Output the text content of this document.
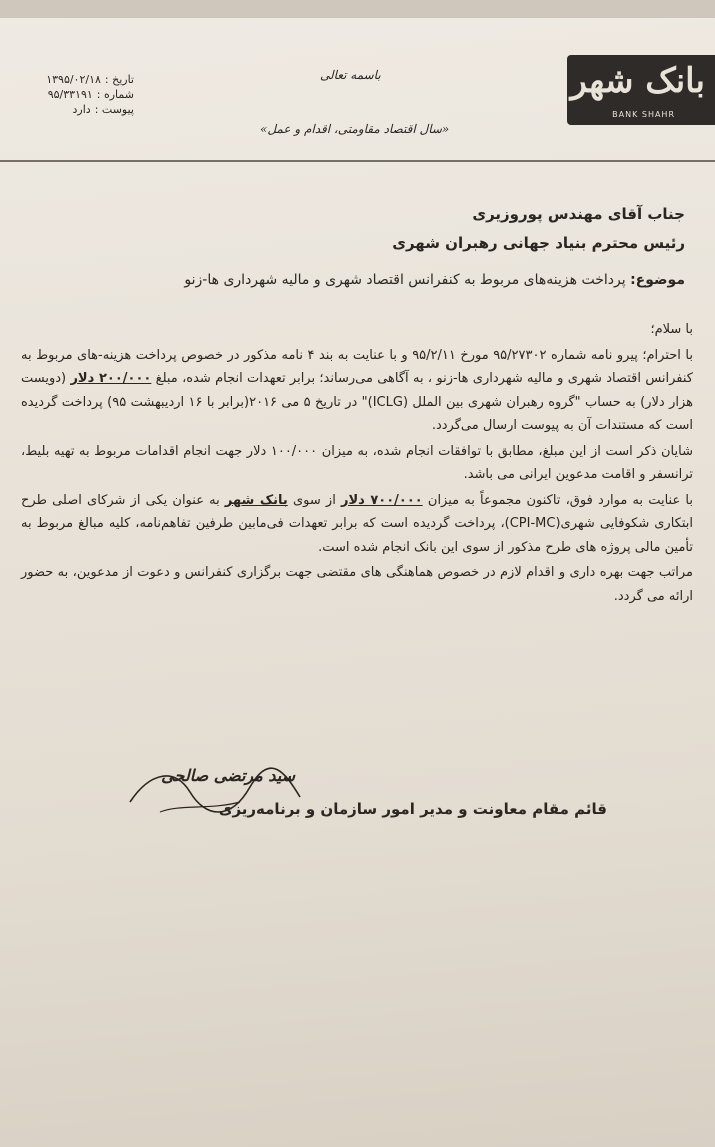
بانک شهر
BANK SHAHR
باسمه تعالی
«سال اقتصاد مقاومتی، اقدام و عمل»
تاریخ :
۱۳۹۵/۰۲/۱۸
شماره :
۹۵/۳۳۱۹۱
پیوست :
دارد
جناب آقای مهندس پوروزیری
رئیس محترم بنیاد جهانی رهبران شهری
موضوع: پرداخت هزینه‌های مربوط به کنفرانس اقتصاد شهری و مالیه شهرداری ها-زنو

با سلام؛

با احترام؛ پیرو نامه شماره ۹۵/۲۷۳۰۲ مورخ ۹۵/۲/۱۱ و با عنایت به بند ۴ نامه مذکور در خصوص پرداخت هزینه-های مربوط به کنفرانس اقتصاد شهری و مالیه شهرداری ها-زنو ، به آگاهی می‌رساند؛ برابر تعهدات انجام شده، مبلغ ۲۰۰/۰۰۰ دلار (دویست هزار دلار) به حساب "گروه رهبران شهری بین الملل (ICLG)" در تاریخ ۵ می ۲۰۱۶(برابر با ۱۶ اردیبهشت ۹۵) پرداخت گردیده است که مستندات آن به پیوست ارسال می‌گردد.

شایان ذکر است از این مبلغ، مطابق با توافقات انجام شده، به میزان ۱۰۰/۰۰۰ دلار جهت انجام اقدامات مربوط به تهیه بلیط، ترانسفر و اقامت مدعوین ایرانی می باشد.

با عنایت به موارد فوق، تاکنون مجموعاً به میزان ۷۰۰/۰۰۰ دلار از سوی بانک شهر به عنوان یکی از شرکای اصلی طرح ابتکاری شکوفایی شهری(CPI-MC)، پرداخت گردیده است که برابر تعهدات فی‌مابین طرفین تفاهم‌نامه، کلیه مبالغ مربوط به تأمین مالی پروژه های طرح مذکور از سوی این بانک انجام شده است.

مراتب جهت بهره داری و اقدام لازم در خصوص هماهنگی های مقتضی جهت برگزاری کنفرانس و دعوت از مدعوین، به حضور ارائه می گردد.

سید مرتضی صالحی
قائم مقام معاونت و مدیر امور سازمان و برنامه‌ریزی
